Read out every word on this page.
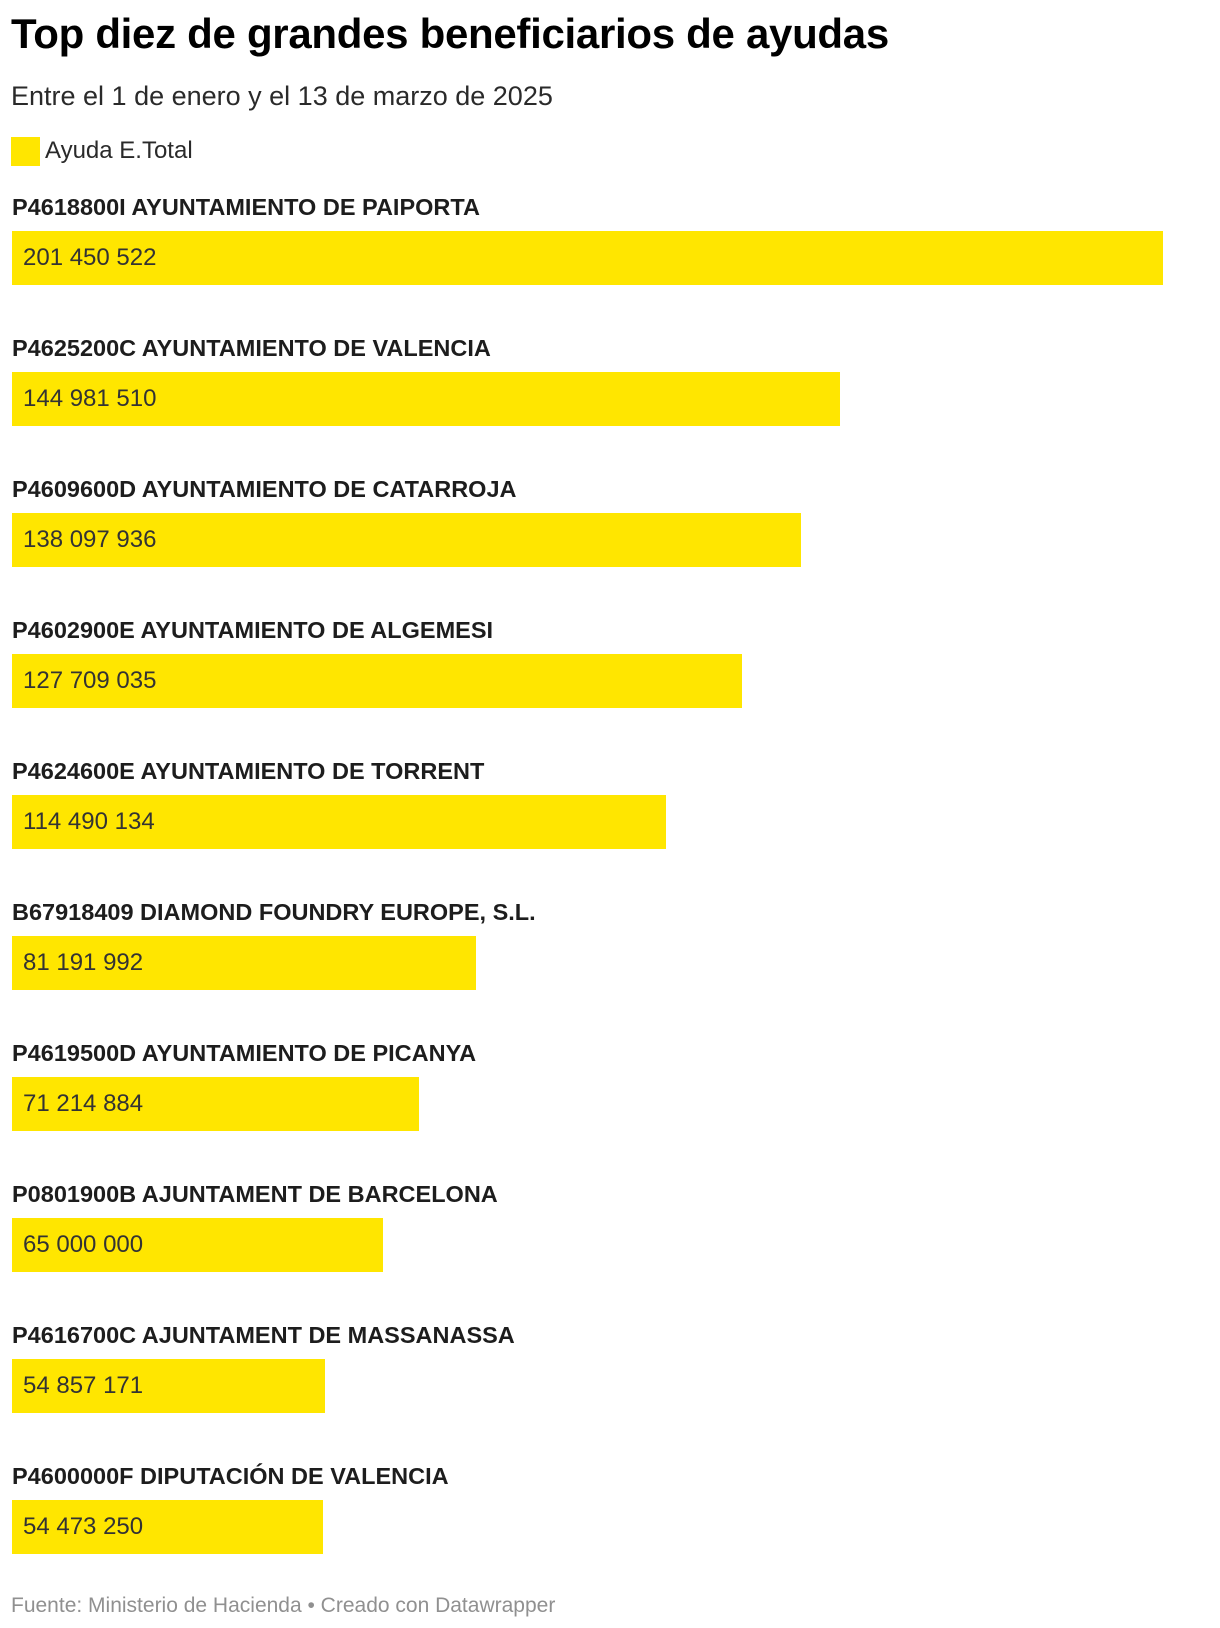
Top diez de grandes beneficiarios de ayudas

Entre el 1 de enero y el 13 de marzo de 2025

Ayuda E.Total
P4618800I AYUNTAMIENTO DE PAIPORTA
201 450 522
P4625200C AYUNTAMIENTO DE VALENCIA
144 981 510
P4609600D AYUNTAMIENTO DE CATARROJA
138 097 936
P4602900E AYUNTAMIENTO DE ALGEMESI
127 709 035
P4624600E AYUNTAMIENTO DE TORRENT
114 490 134
B67918409 DIAMOND FOUNDRY EUROPE, S.L.
81 191 992
P4619500D AYUNTAMIENTO DE PICANYA
71 214 884
P0801900B AJUNTAMENT DE BARCELONA
65 000 000
P4616700C AJUNTAMENT DE MASSANASSA
54 857 171
P4600000F DIPUTACIÓN DE VALENCIA
54 473 250
Fuente: Ministerio de Hacienda • Creado con Datawrapper
